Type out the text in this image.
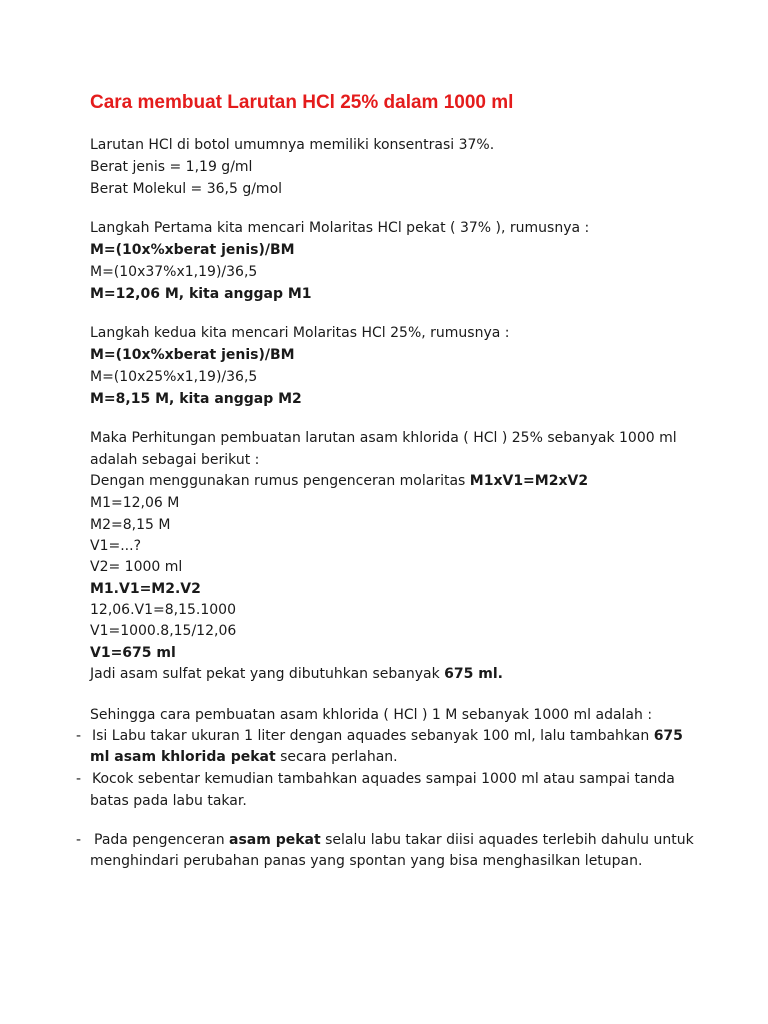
Cara membuat Larutan HCl 25% dalam 1000 ml
Larutan HCl di botol umumnya memiliki konsentrasi 37%.
Berat jenis = 1,19 g/ml
Berat Molekul = 36,5 g/mol
Langkah Pertama kita mencari Molaritas HCl pekat ( 37% ), rumusnya :
M=(10x%xberat jenis)/BM
M=(10x37%x1,19)/36,5
M=12,06 M, kita anggap M1
Langkah kedua kita mencari Molaritas HCl 25%, rumusnya :
M=(10x%xberat jenis)/BM
M=(10x25%x1,19)/36,5
M=8,15 M, kita anggap M2
Maka Perhitungan pembuatan larutan asam khlorida ( HCl ) 25% sebanyak 1000 ml
adalah sebagai berikut :
Dengan menggunakan rumus pengenceran molaritas M1xV1=M2xV2
M1=12,06 M
M2=8,15 M
V1=...?
V2= 1000 ml
M1.V1=M2.V2
12,06.V1=8,15.1000
V1=1000.8,15/12,06
V1=675 ml
Jadi asam sulfat pekat yang dibutuhkan sebanyak 675 ml.
Sehingga cara pembuatan asam khlorida ( HCl ) 1 M sebanyak 1000 ml adalah :
- Isi Labu takar ukuran 1 liter dengan aquades sebanyak 100 ml, lalu tambahkan 675
ml asam khlorida pekat secara perlahan.
- Kocok sebentar kemudian tambahkan aquades sampai 1000 ml atau sampai tanda
batas pada labu takar.
- Pada pengenceran asam pekat selalu labu takar diisi aquades terlebih dahulu untuk
menghindari perubahan panas yang spontan yang bisa menghasilkan letupan.
